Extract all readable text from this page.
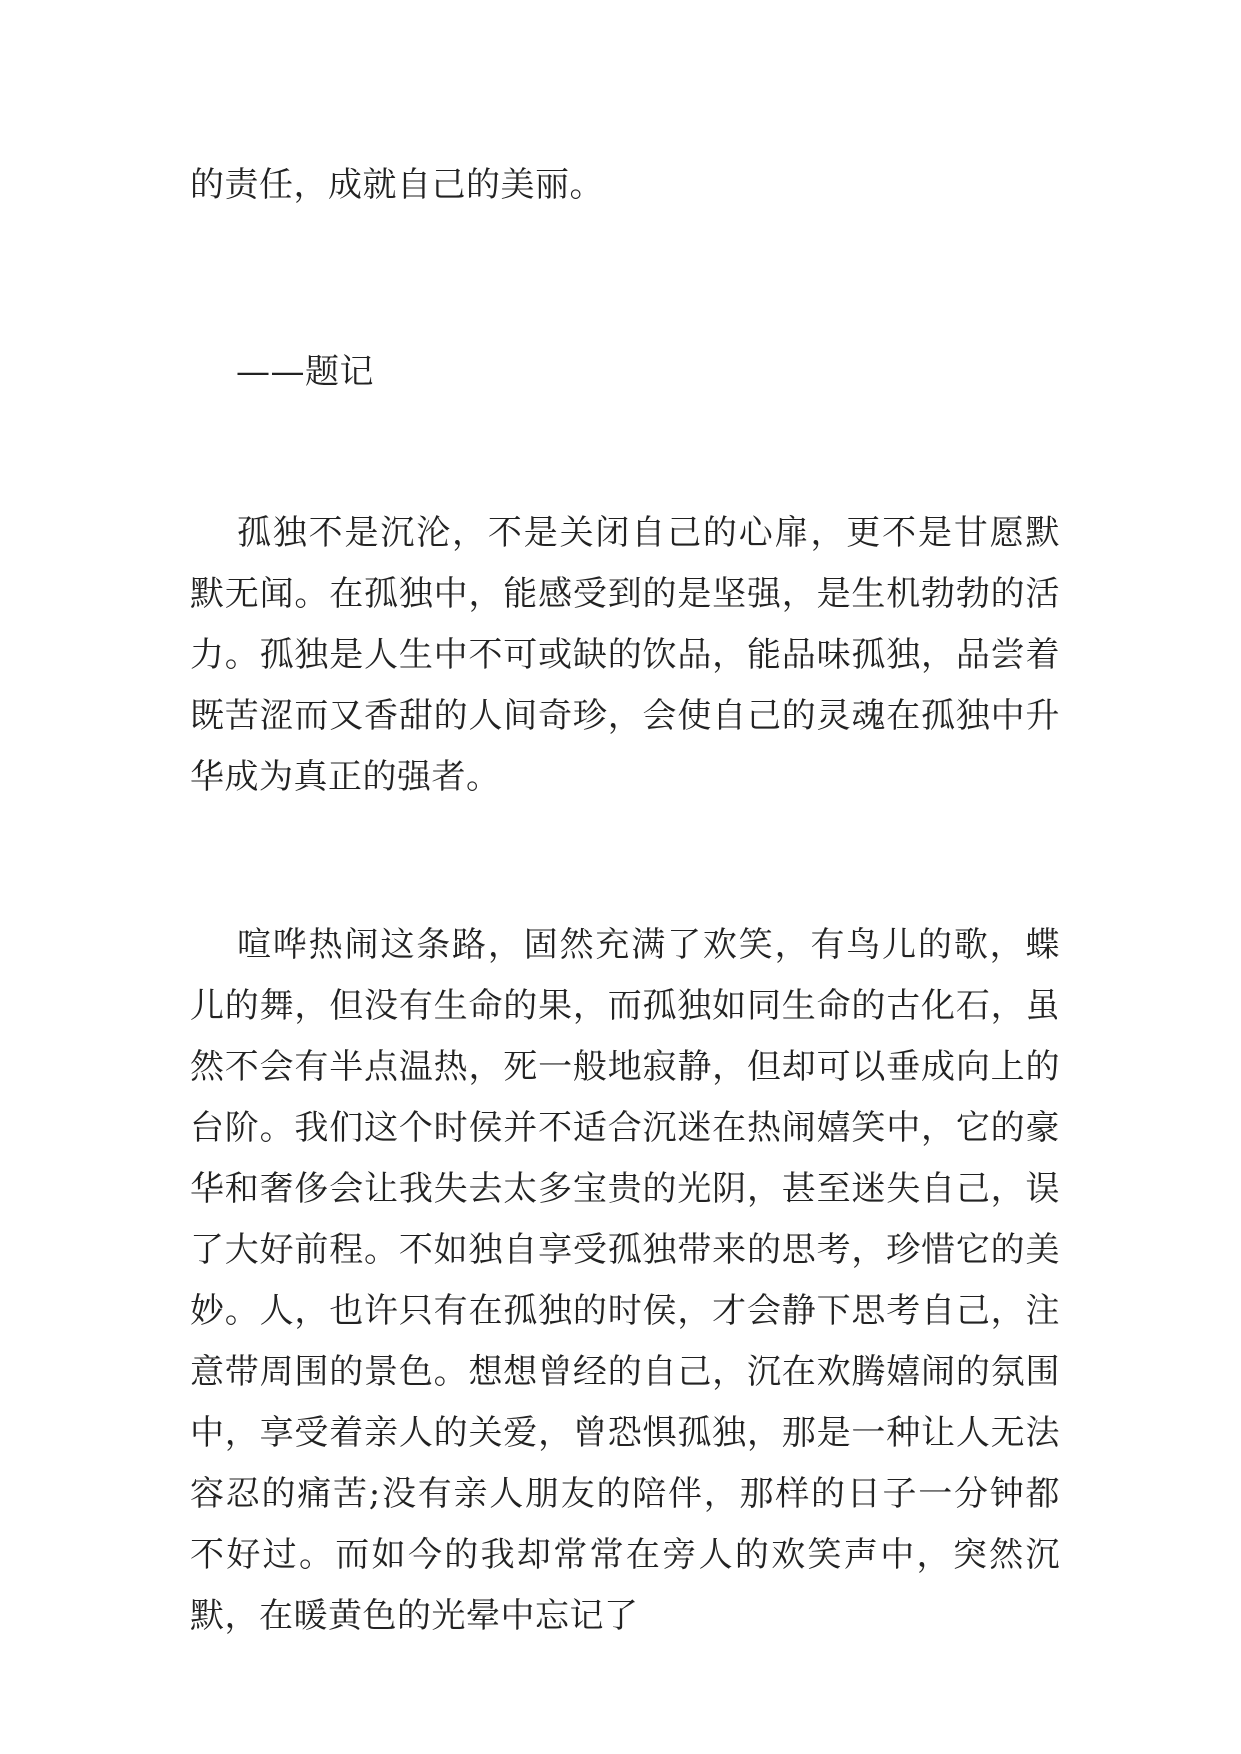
的责任，成就自己的美丽。

——题记

孤独不是沉沦，不是关闭自己的心扉，更不是甘愿默默无闻。在孤独中，能感受到的是坚强，是生机勃勃的活力。孤独是人生中不可或缺的饮品，能品味孤独，品尝着既苦涩而又香甜的人间奇珍，会使自己的灵魂在孤独中升华成为真正的强者。

喧哗热闹这条路，固然充满了欢笑，有鸟儿的歌，蝶儿的舞，但没有生命的果，而孤独如同生命的古化石，虽然不会有半点温热，死一般地寂静，但却可以垂成向上的台阶。我们这个时侯并不适合沉迷在热闹嬉笑中，它的豪华和奢侈会让我失去太多宝贵的光阴，甚至迷失自己，误了大好前程。不如独自享受孤独带来的思考，珍惜它的美妙。人，也许只有在孤独的时侯，才会静下思考自己，注意带周围的景色。想想曾经的自己，沉在欢腾嬉闹的氛围中，享受着亲人的关爱，曾恐惧孤独，那是一种让人无法容忍的痛苦;没有亲人朋友的陪伴，那样的日子一分钟都不好过。而如今的我却常常在旁人的欢笑声中，突然沉默，在暖黄色的光晕中忘记了
